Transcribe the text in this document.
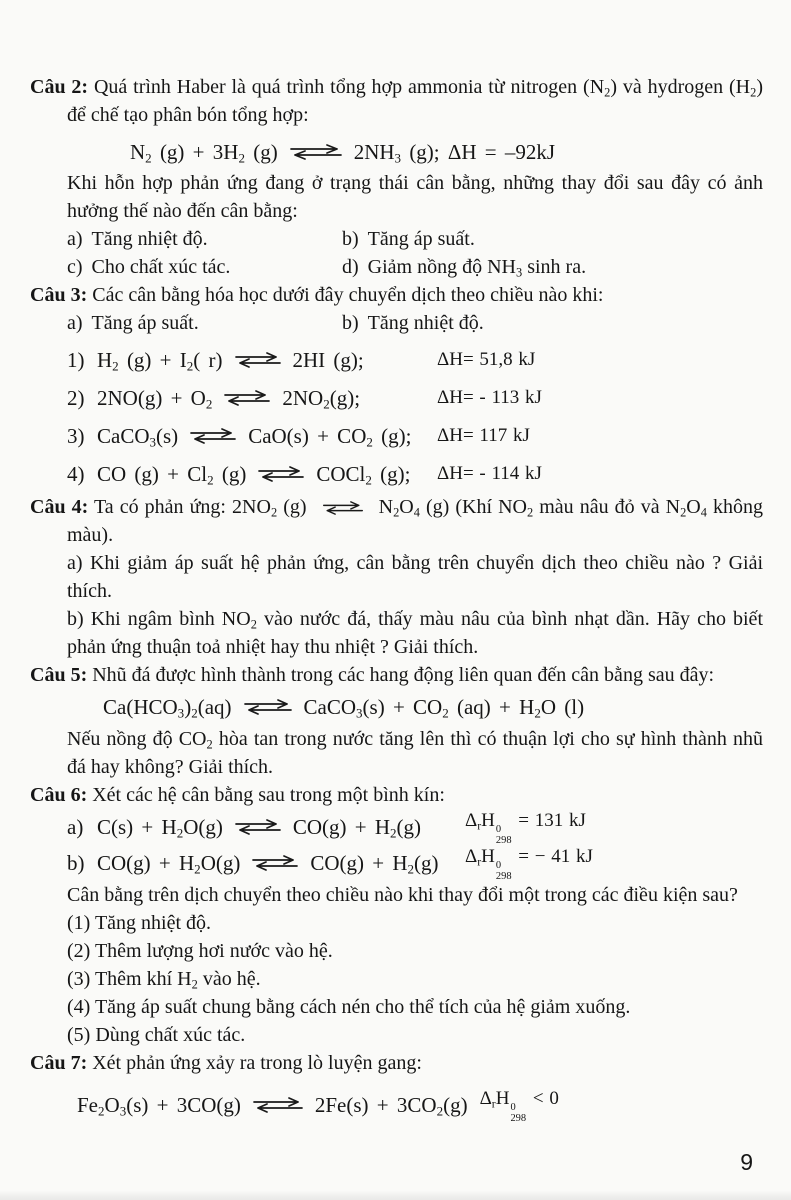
Câu 2: Quá trình Haber là quá trình tổng hợp ammonia từ nitrogen $(N_2)$ và hydrogen $(H_2)$ để chế tạo phân bón tổng hợp:

$N_2$ $(g) + 3H_2$ (g) ⇌ $2NH_3$ (g); ΔH = –92kJ

Khi hỗn hợp phản ứng đang ở trạng thái cân bằng, những thay đổi sau đây có ảnh hưởng thế nào đến cân bằng:

a) Tăng nhiệt độ.	b) Tăng áp suất.
c) Cho chất xúc tác.	d) Giảm nồng độ $NH_3$ sinh ra.

Câu 3: Các cân bằng hóa học dưới đây chuyển dịch theo chiều nào khi:

a) Tăng áp suất.	b) Tăng nhiệt độ.
1) $H_2$ $(g) + I_2$( r) ⇌ 2HI (g);	ΔH= 51,8 kJ
2) $2NO(g) + O_2$ ⇌ $2NO_2(g)$;	ΔH= - 113 kJ
3) CaCO$_3$(s) ⇌ $CaO(s) + CO_2$ (g); ΔH= 117 kJ
4) CO $(g) + Cl_2$ (g) ⇌ COCl$_2$ (g); ΔH= - 114 kJ

Câu 4: Ta có phản ứng: $2NO_2$ (g) ⇌ $N_2O_4$ (g) (Khí $NO_2$ màu nâu đỏ và $N_2O_4$ không màu).

a) Khi giảm áp suất hệ phản ứng, cân bằng trên chuyển dịch theo chiều nào ? Giải thích.

b) Khi ngâm bình $NO_2$ vào nước đá, thấy màu nâu của bình nhạt dần. Hãy cho biết phản ứng thuận toả nhiệt hay thu nhiệt ? Giải thích.

Câu 5: Nhũ đá được hình thành trong các hang động liên quan đến cân bằng sau đây:

$Ca(HCO_3)_2(aq)$ ⇌ CaCO$_3$(s) + $CO_2$ $(aq) + H_2O$ (l)

Nếu nồng độ $CO_2$ hòa tan trong nước tăng lên thì có thuận lợi cho sự hình thành nhũ đá hay không? Giải thích.

Câu 6: Xét các hệ cân bằng sau trong một bình kín:

a) $C(s) + H_2O(g)$ ⇌ $CO(g) + H_2(g)$ $\Delta_rH$ 0
298
= 131 kJ
b) $CO(g) + H_2O(g)$ ⇌ $CO(g) + H_2(g)$ $\Delta_rH$ 0
298
= − 41 kJ

Cân bằng trên dịch chuyển theo chiều nào khi thay đổi một trong các điều kiện sau?

(1) Tăng nhiệt độ.
(2) Thêm lượng hơi nước vào hệ.
(3) Thêm khí $H_2$ vào hệ.
(4) Tăng áp suất chung bằng cách nén cho thể tích của hệ giảm xuống.
(5) Dùng chất xúc tác.

Câu 7: Xét phản ứng xảy ra trong lò luyện gang:

$Fe_2O_3(s) + 3CO(g)$ ⇌ $2Fe(s) + 3CO_2(g)$ $\Delta_rH$ 0
298
< 0
9
